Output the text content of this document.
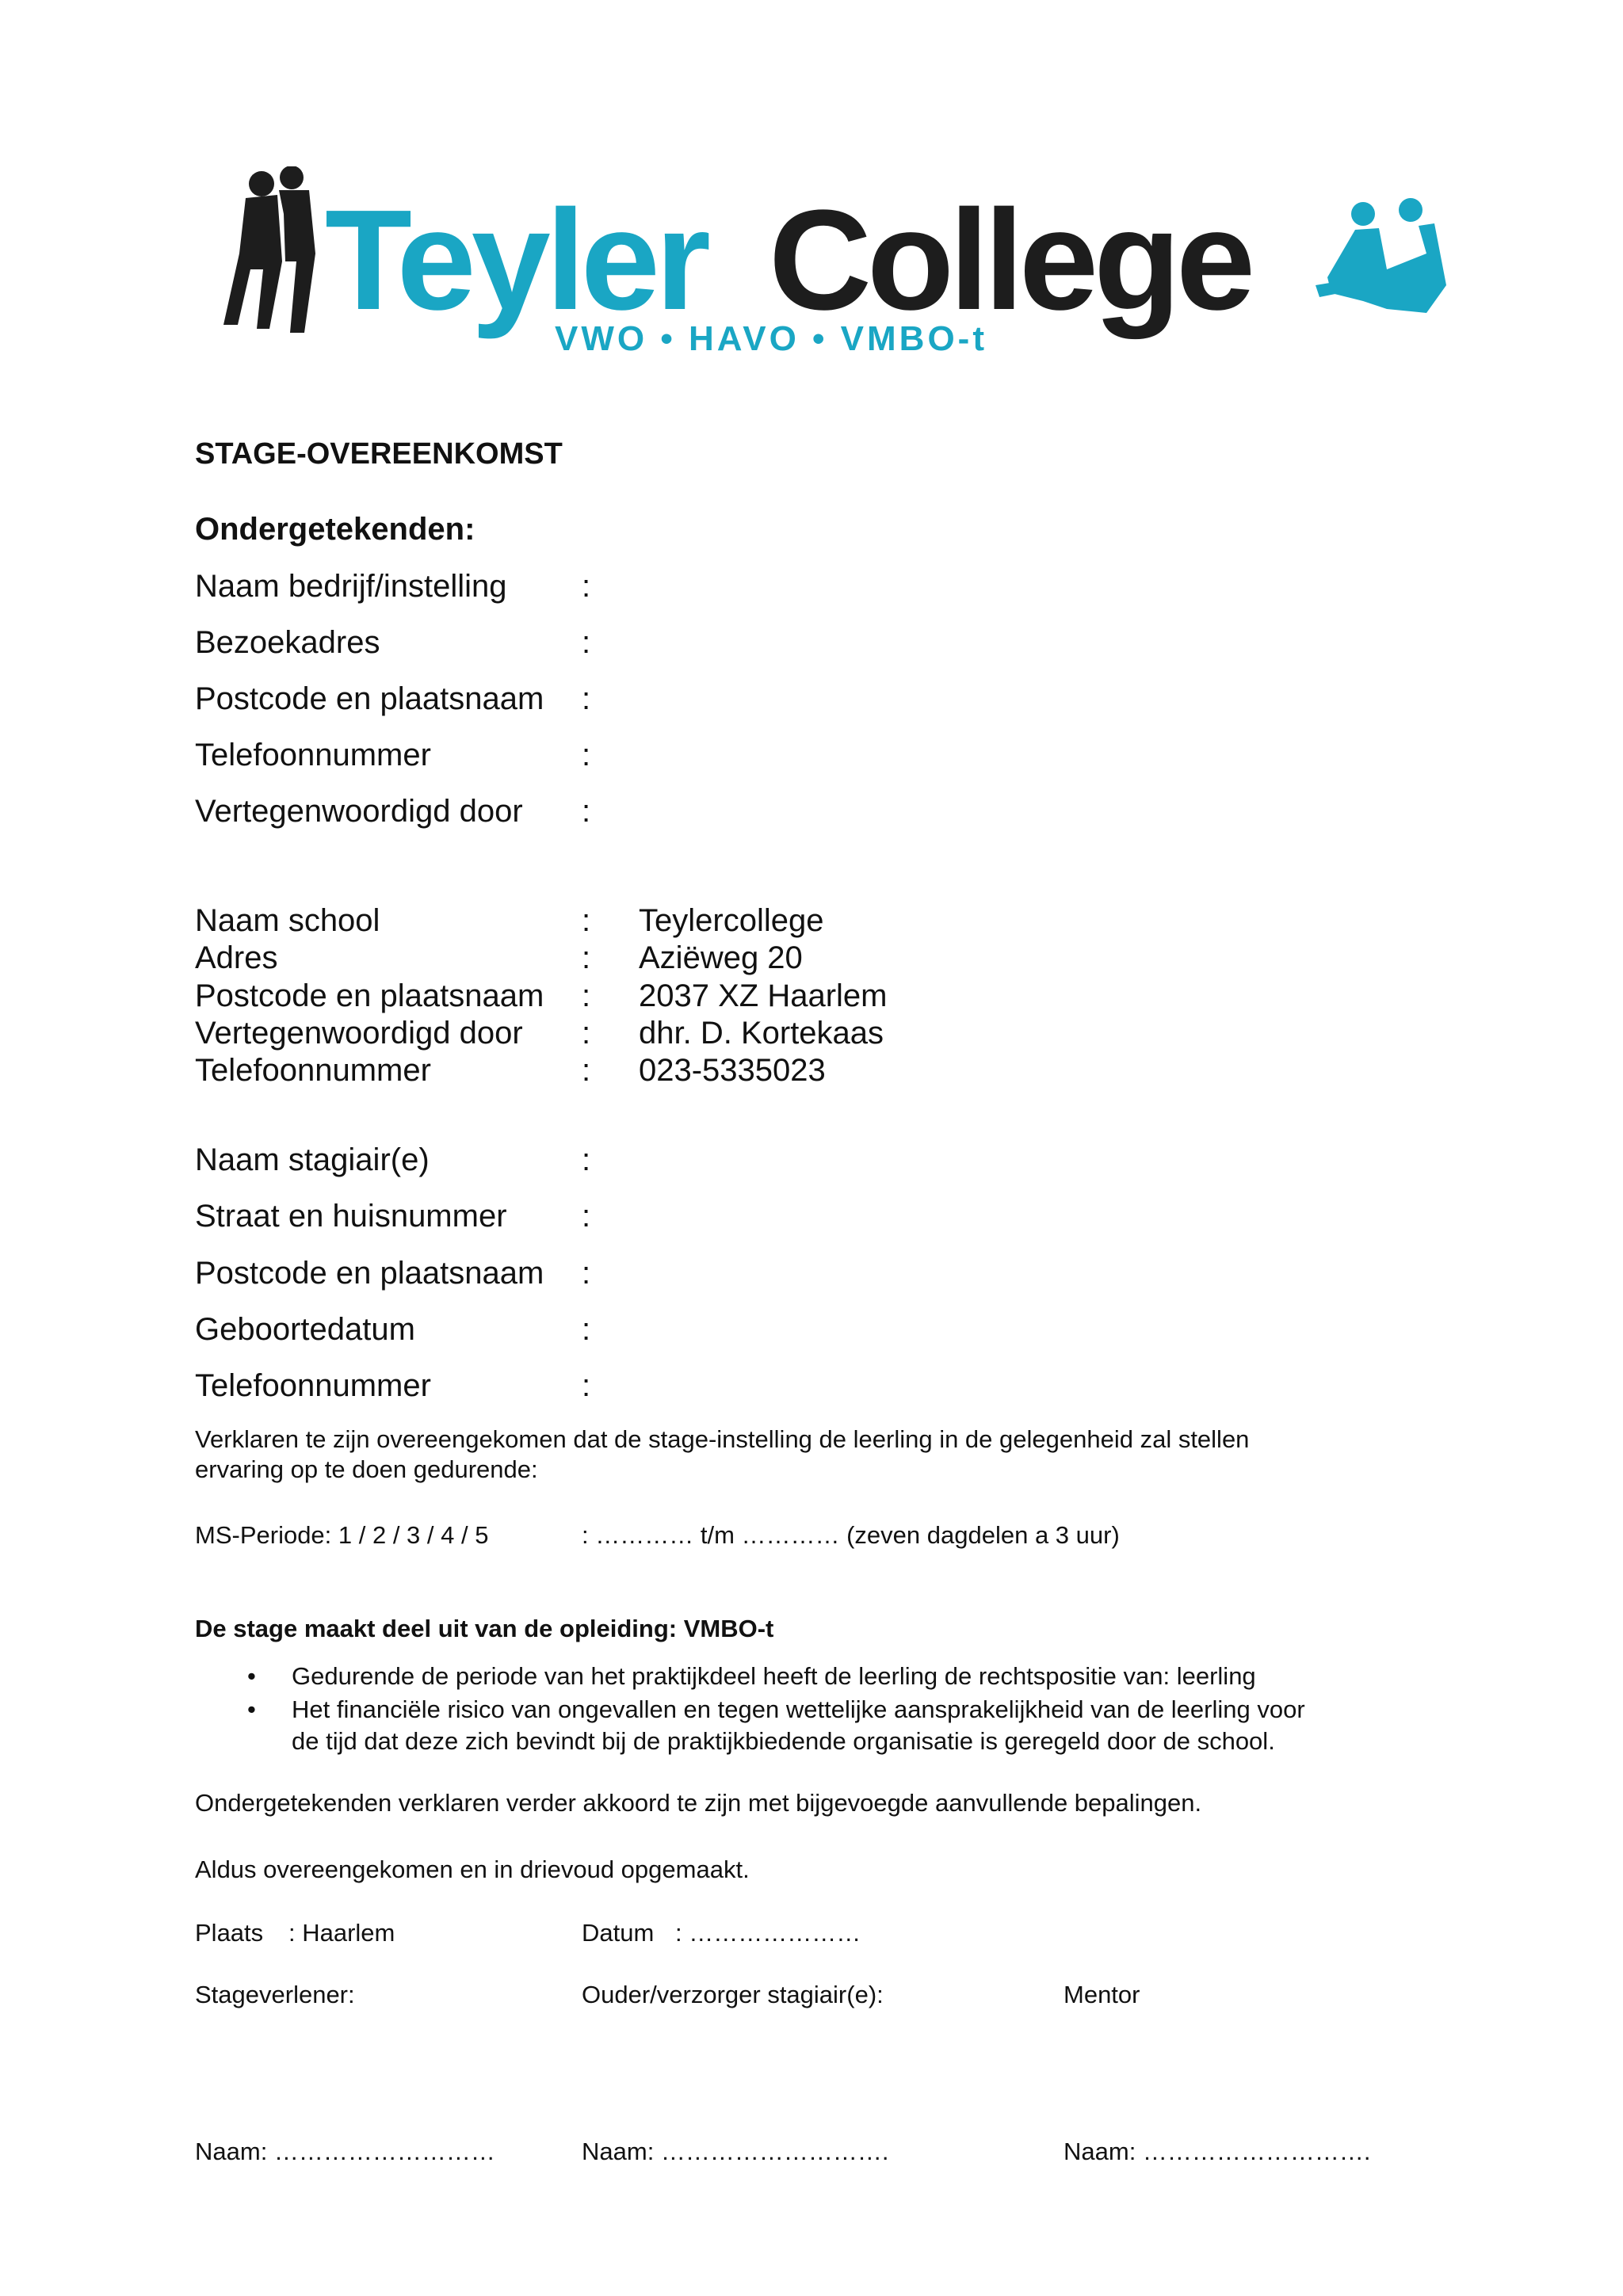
Teyler College
VWO • HAVO • VMBO-t
STAGE-OVEREENKOMST
Ondergetekenden:
Naam bedrijf/instelling :
Bezoekadres	:
Postcode en plaatsnaam :
Telefoonnummer	:
Vertegenwoordigd door :
Naam school	: Teylercollege
Adres	: Aziëweg 20
Postcode en plaatsnaam : 2037 XZ Haarlem
Vertegenwoordigd door : dhr. D. Kortekaas
Telefoonnummer	: 023-5335023
Naam stagiair(e)	:
Straat en huisnummer :
Postcode en plaatsnaam :
Geboortedatum	:
Telefoonnummer	:
Verklaren te zijn overeengekomen dat de stage-instelling de leerling in de gelegenheid zal stellen
ervaring op te doen gedurende:
MS-Periode: 1 / 2 / 3 / 4 / 5	: ………… t/m ………… (zeven dagdelen a 3 uur)
De stage maakt deel uit van de opleiding: VMBO-t
• Gedurende de periode van het praktijkdeel heeft de leerling de rechtspositie van: leerling
• Het financiële risico van ongevallen en tegen wettelijke aansprakelijkheid van de leerling voor
de tijd dat deze zich bevindt bij de praktijkbiedende organisatie is geregeld door de school.
Ondergetekenden verklaren verder akkoord te zijn met bijgevoegde aanvullende bepalingen.
Aldus overeengekomen en in drievoud opgemaakt.
Plaats : Haarlem	Datum : …………………
Stageverlener:	Ouder/verzorger stagiair(e):	Mentor
Naam: ………………………	Naam: ……………………….	Naam: ……………………….
